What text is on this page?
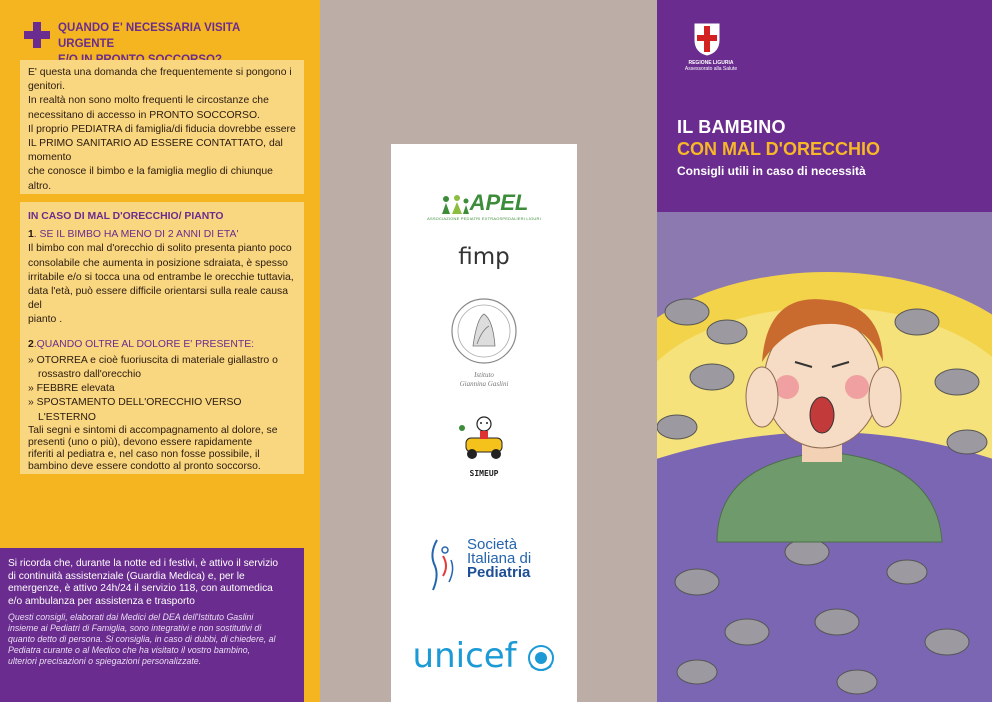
QUANDO E' NECESSARIA VISITA URGENTE

E' questa una domanda che frequentemente si pongono i
genitori.

In realtà non sono molto frequenti le circostanze che
necessitano di accesso in PRONTO SOCCORSO.

Il proprio PEDIATRA di famiglia/di fiducia dovrebbe essere
IL PRIMO SANITARIO AD ESSERE CONTATTATO, dal momento
che conosce il bimbo e la famiglia meglio di chiunque
altro.

IN CASO DI MAL D'ORECCHIO/ PIANTO

1. SE IL BIMBO HA MENO DI 2 ANNI DI ETA'

Il bimbo con mal d'orecchio di solito presenta pianto poco
consolabile che aumenta in posizione sdraiata, è spesso
irritabile e/o si tocca una od entrambe le orecchie tuttavia,
data l'età, può essere difficile orientarsi sulla reale causa del
pianto .

2.QUANDO OLTRE AL DOLORE E' PRESENTE:

» OTORREA e cioè fuoriuscita di materiale giallastro o
rossastro dall'orecchio
» FEBBRE elevata
» SPOSTAMENTO DELL'ORECCHIO VERSO L'ESTERNO

Tali segni e sintomi di accompagnamento al dolore, se
presenti (uno o più), devono essere rapidamente
riferiti al pediatra e, nel caso non fosse possibile, il
bambino deve essere condotto al pronto soccorso.

Si ricorda che, durante la notte ed i festivi, è attivo il servizio
di continuità assistenziale (Guardia Medica) e, per le
emergenze, è attivo 24h/24 il servizio 118, con automedica
e/o ambulanza per assistenza e trasporto

Questi consigli, elaborati dai Medici del DEA dell'Istituto Gaslini
insieme ai Pediatri di Famiglia, sono integrativi e non sostitutivi di
quanto detto di persona. Si consiglia, in caso di dubbi, di chiedere, al
Pediatra curante o al Medico che ha visitato il vostro bambino,
ulteriori precisazioni o spiegazioni personalizzate.

APEL
ASSOCIAZIONE PEDIATRI EXTRAOSPEDALIERI LIGURI
fimp
Istituto
Giannina Gaslini
SIMEUP
Società
Italiana di
Pediatria
unicef
REGIONE LIGURIA
Assessorato alla Salute
IL BAMBINO
CON MAL D'ORECCHIO
Consigli utili in caso di necessità
